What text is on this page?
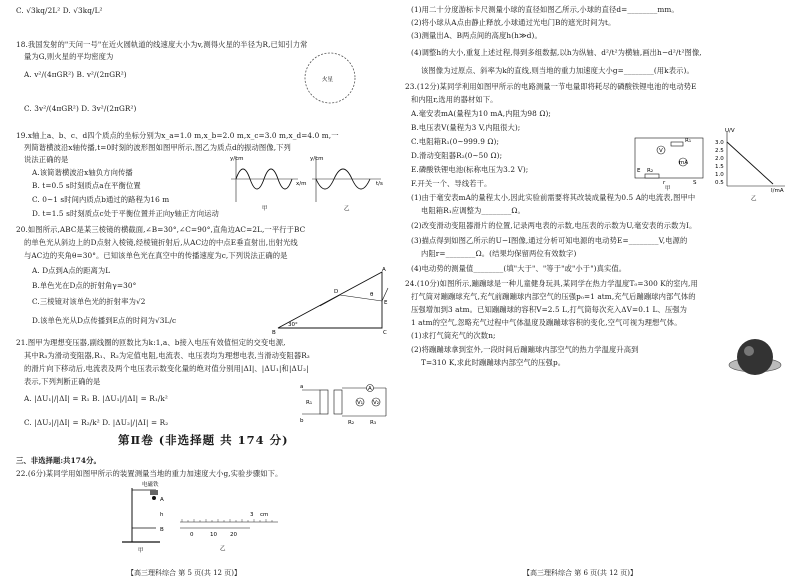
C. √3kq/2L² D. √3kq/L²
18.我国发射的"天问一号"在近火圆轨道的线速度大小为v,测得火星的半径为R,已知引力常
量为G,则火星的平均密度为
A. v²/(4πGR²) B. v²/(2πGR²)
C. 3v²/(4πGR²) D. 3v²/(2πGR²)
19.x轴上a、b、c、d四个质点的坐标分别为x_a=1.0 m,x_b=2.0 m,x_c=3.0 m,x_d=4.0 m,一
列简谐横波沿x轴传播,t=0时刻的波形图如图甲所示,图乙为质点d的振动图像,下列
说法正确的是
A.该简谐横波沿x轴负方向传播
B. t=0.5 s时刻质点a在平衡位置
C. 0~1 s时间内质点b通过的路程为16 m
D. t=1.5 s时刻质点c处于平衡位置并正向y轴正方向运动
20.如图所示,ABC是某三棱镜的横截面,∠B=30°,∠C=90°,直角边AC=2L,一平行于BC
的单色光从斜边上的D点射入棱镜,经棱镜折射后,从AC边的中点E垂直射出,出射光线
与AC边的夹角θ=30°。已知该单色光在真空中的传播速度为c,下列说法正确的是
A. D点到A点的距离为L
B.单色光在D点的折射角γ=30°
C.三棱镜对该单色光的折射率为√2
D.该单色光从D点传播到E点的时间为√3L/c
21.图甲为理想变压器,副线圈的匝数比为k:1,a、b接入电压有效值恒定的交变电源,
其中R₃为滑动变阻器,R₁、R₂为定值电阻,电流表、电压表均为理想电表,当滑动变阻器R₃
的滑片向下移动后,电流表及两个电压表示数变化量的绝对值分别用|ΔI|、|ΔU₁|和|ΔU₂|
表示,下列判断正确的是
A. |ΔU₁|/|ΔI| = R₁ B. |ΔU₁|/|ΔI| = R₁/k²
C. |ΔU₂|/|ΔI| = R₂/k² D. |ΔU₂|/|ΔI| = R₂
第Ⅱ卷 (非选择题 共 174 分)
三、非选择题:共174分。
22.(6分)某同学用如图甲所示的装置测量当地的重力加速度大小g,实验步骤如下。
火星
y/cm
x/m
甲
y/cm
t/s
乙
A
B	C
D
E
θ
30°
a
b
R₁
R₂	R₃
V₁ V₂
A
电磁铁
A
h
B
甲
3 cm
0	10 20
乙
【高三理科综合 第 5 页(共 12 页)】
(1)用二十分度游标卡尺测量小球的直径如图乙所示,小球的直径d=________mm。
(2)将小球从A点由静止释放,小球通过光电门B的遮光时间为t。
(3)测量出A、B两点间的高度h(h≫d)。
(4)调整h的大小,重复上述过程,得到多组数据,以h为纵轴、d²/t²为横轴,画出h−d²/t²图像,
该图像为过原点、斜率为k的直线,则当地的重力加速度大小g=________(用k表示)。
23.(12分)某同学利用如图甲所示的电路测量一节电量即将耗尽的磷酸铁锂电池的电动势E
和内阻r,选用的器材如下。
A.毫安表mA(量程为10 mA,内阻为98 Ω);
B.电压表V(量程为3 V,内阻很大);
C.电阻箱R₁(0~999.9 Ω);
D.滑动变阻器R₂(0~50 Ω);
E.磷酸铁锂电池(标称电压为3.2 V);
F.开关一个、导线若干。
(1)由于毫安表mA的量程太小,因此实验前需要将其改装成量程为0.5 A的电流表,图甲中
电阻箱R₁应调整为________Ω。
(2)改变滑动变阻器滑片的位置,记录两电表的示数,电压表的示数为U,毫安表的示数为I。
(3)描点得到如图乙所示的U−I图像,通过分析可知电源的电动势E=________V,电源的
内阻r=________Ω。(结果均保留两位有效数字)
(4)电动势的测量值________(填"大于"、"等于"或"小于")真实值。
24.(10分)如图所示,蹦蹦球是一种儿童健身玩具,某同学在热力学温度T₀=300 K的室内,用
打气筒对蹦蹦球充气,充气前蹦蹦球内部空气的压强p₀=1 atm,充气后蹦蹦球内部气体的
压强增加到3 atm。已知蹦蹦球的容积V=2.5 L,打气筒每次充入ΔV=0.1 L、压强为
1 atm的空气,忽略充气过程中气体温度及蹦蹦球容积的变化,空气可视为理想气体。
(1)求打气筒充气的次数n;
(2)将蹦蹦球拿到室外,一段时间后蹦蹦球内部空气的热力学温度升高到
T=310 K,求此时蹦蹦球内部空气的压强p。
V
mA
R₁
R₂
E
r	S
甲
U/V
I/mA
3.0
2.5
2.0
1.5
1.0
0.5
乙
【高三理科综合 第 6 页(共 12 页)】
